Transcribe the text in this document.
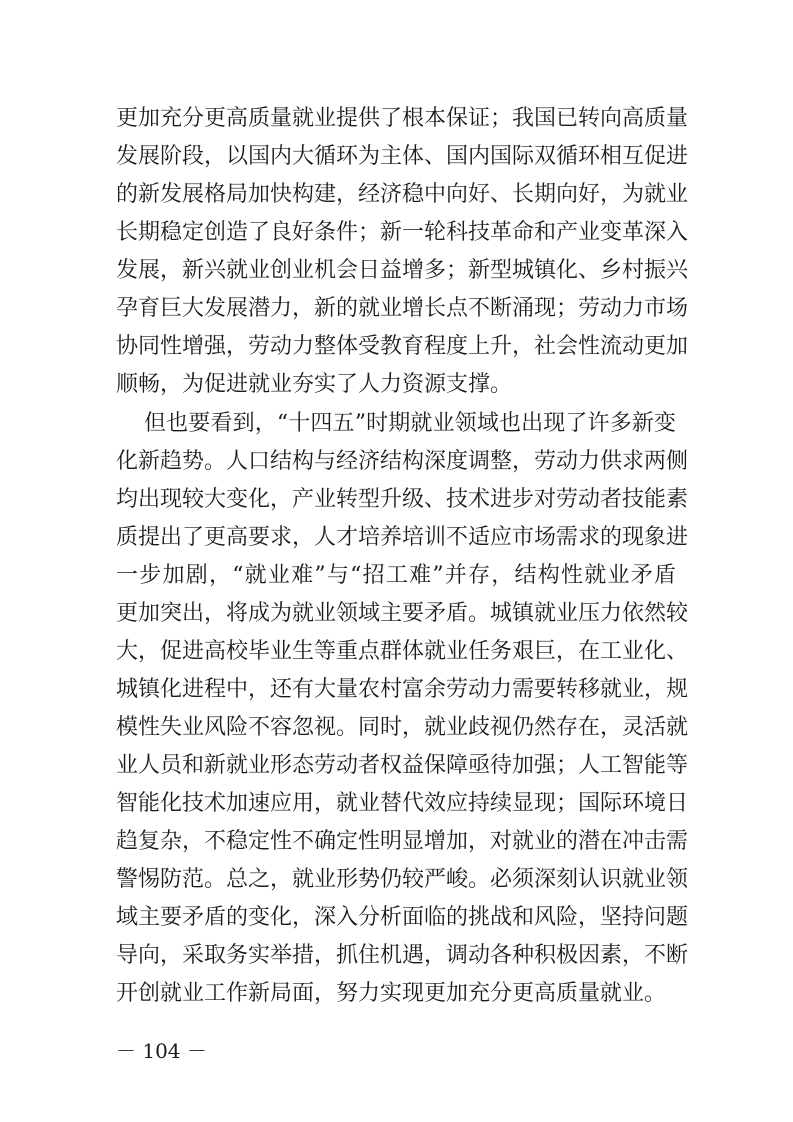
更加充分更高质量就业提供了根本保证；我国已转向高质量
发展阶段，以国内大循环为主体、国内国际双循环相互促进
的新发展格局加快构建，经济稳中向好、长期向好，为就业
长期稳定创造了良好条件；新一轮科技革命和产业变革深入
发展，新兴就业创业机会日益增多；新型城镇化、乡村振兴
孕育巨大发展潜力，新的就业增长点不断涌现；劳动力市场
协同性增强，劳动力整体受教育程度上升，社会性流动更加
顺畅，为促进就业夯实了人力资源支撑。
但也要看到，“十四五”时期就业领域也出现了许多新变
化新趋势。人口结构与经济结构深度调整，劳动力供求两侧
均出现较大变化，产业转型升级、技术进步对劳动者技能素
质提出了更高要求，人才培养培训不适应市场需求的现象进
一步加剧，“就业难”与“招工难”并存，结构性就业矛盾
更加突出，将成为就业领域主要矛盾。城镇就业压力依然较
大，促进高校毕业生等重点群体就业任务艰巨，在工业化、
城镇化进程中，还有大量农村富余劳动力需要转移就业，规
模性失业风险不容忽视。同时，就业歧视仍然存在，灵活就
业人员和新就业形态劳动者权益保障亟待加强；人工智能等
智能化技术加速应用，就业替代效应持续显现；国际环境日
趋复杂，不稳定性不确定性明显增加，对就业的潜在冲击需
警惕防范。总之，就业形势仍较严峻。必须深刻认识就业领
域主要矛盾的变化，深入分析面临的挑战和风险，坚持问题
导向，采取务实举措，抓住机遇，调动各种积极因素，不断
开创就业工作新局面，努力实现更加充分更高质量就业。
－ 104 －
